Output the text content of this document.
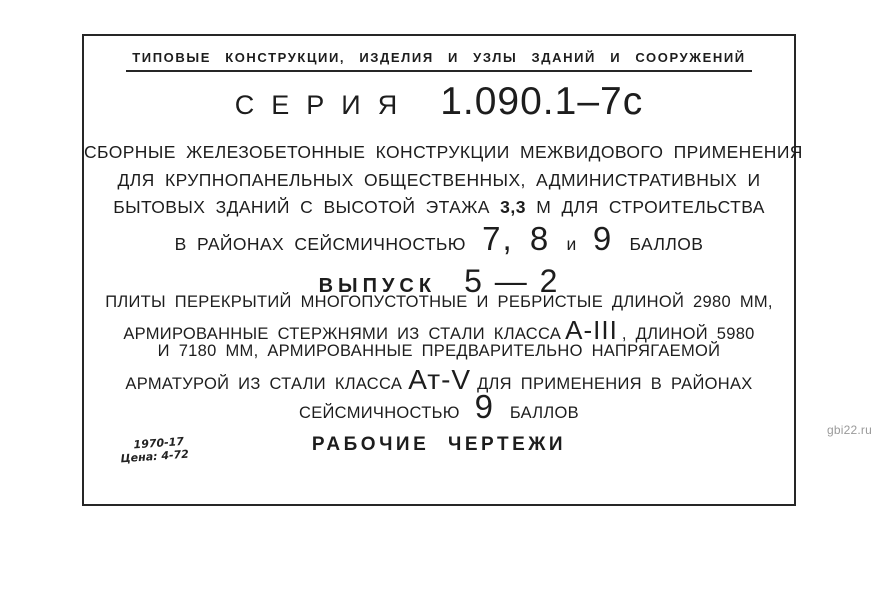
ТИПОВЫЕ КОНСТРУКЦИИ, ИЗДЕЛИЯ И УЗЛЫ ЗДАНИЙ И СООРУЖЕНИЙ
СЕРИЯ 1.090.1–7с
СБОРНЫЕ ЖЕЛЕЗОБЕТОННЫЕ КОНСТРУКЦИИ МЕЖВИДОВОГО ПРИМЕНЕНИЯ
ДЛЯ КРУПНОПАНЕЛЬНЫХ ОБЩЕСТВЕННЫХ, АДМИНИСТРАТИВНЫХ И
БЫТОВЫХ ЗДАНИЙ С ВЫСОТОЙ ЭТАЖА 3,3 М ДЛЯ СТРОИТЕЛЬСТВА
В РАЙОНАХ СЕЙСМИЧНОСТЬЮ 7, 8 и 9 БАЛЛОВ
ВЫПУСК 5 — 2
ПЛИТЫ ПЕРЕКРЫТИЙ МНОГОПУСТОТНЫЕ И РЕБРИСТЫЕ ДЛИНОЙ 2980 ММ,
АРМИРОВАННЫЕ СТЕРЖНЯМИ ИЗ СТАЛИ КЛАССА А-III , ДЛИНОЙ 5980
И 7180 ММ, АРМИРОВАННЫЕ ПРЕДВАРИТЕЛЬНО НАПРЯГАЕМОЙ
АРМАТУРОЙ ИЗ СТАЛИ КЛАССА Ат-V ДЛЯ ПРИМЕНЕНИЯ В РАЙОНАХ
СЕЙСМИЧНОСТЬЮ 9 БАЛЛОВ
РАБОЧИЕ ЧЕРТЕЖИ
1970-17
Цена: 4-72
gbi22.ru
